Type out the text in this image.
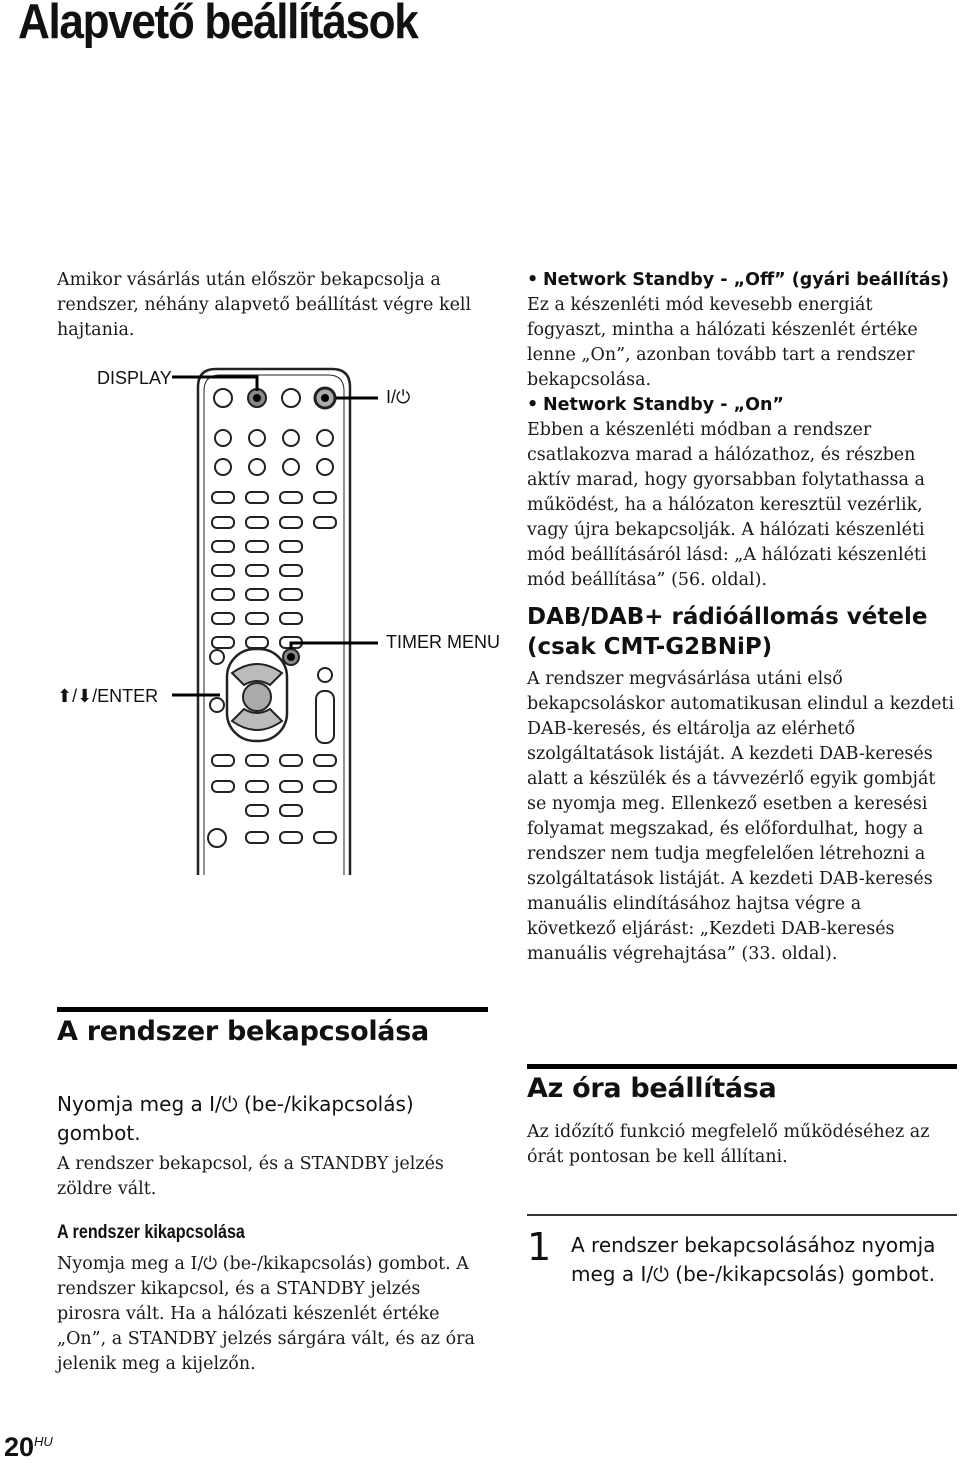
Alapvető beállítások

Amikor vásárlás után először bekapcsolja a rendszer, néhány alapvető beállítást végre kell hajtania.

DISPLAY
I/⏻
TIMER MENU
⬆/⬇/ENTER
• Network Standby - „Off” (gyári beállítás)

Ez a készenléti mód kevesebb energiát fogyaszt, mintha a hálózati készenlét értéke lenne „On”, azonban tovább tart a rendszer bekapcsolása.

• Network Standby - „On”

Ebben a készenléti módban a rendszer csatlakozva marad a hálózathoz, és részben aktív marad, hogy gyorsabban folytathassa a működést, ha a hálózaton keresztül vezérlik, vagy újra bekapcsolják. A hálózati készenléti mód beállításáról lásd: „A hálózati készenléti mód beállítása” (56. oldal).

DAB/DAB+ rádióállomás vétele
(csak CMT-G2BNiP)

A rendszer megvásárlása utáni első bekapcsoláskor automatikusan elindul a kezdeti DAB-keresés, és eltárolja az elérhető szolgáltatások listáját. A kezdeti DAB-keresés alatt a készülék és a távvezérlő egyik gombját se nyomja meg. Ellenkező esetben a keresési folyamat megszakad, és előfordulhat, hogy a rendszer nem tudja megfelelően létrehozni a szolgáltatások listáját. A kezdeti DAB-keresés manuális elindításához hajtsa végre a következő eljárást: „Kezdeti DAB-keresés manuális végrehajtása” (33. oldal).

A rendszer bekapcsolása

Nyomja meg a I/⏻ (be-/kikapcsolás) gombot.

A rendszer bekapcsol, és a STANDBY jelzés zöldre vált.

A rendszer kikapcsolása

Nyomja meg a I/⏻ (be-/kikapcsolás) gombot. A rendszer kikapcsol, és a STANDBY jelzés pirosra vált. Ha a hálózati készenlét értéke „On”, a STANDBY jelzés sárgára vált, és az óra jelenik meg a kijelzőn.

Az óra beállítása

Az időzítő funkció megfelelő működéséhez az órát pontosan be kell állítani.

1 A rendszer bekapcsolásához nyomja meg a I/⏻ (be-/kikapcsolás) gombot.

$20^{HU}$
